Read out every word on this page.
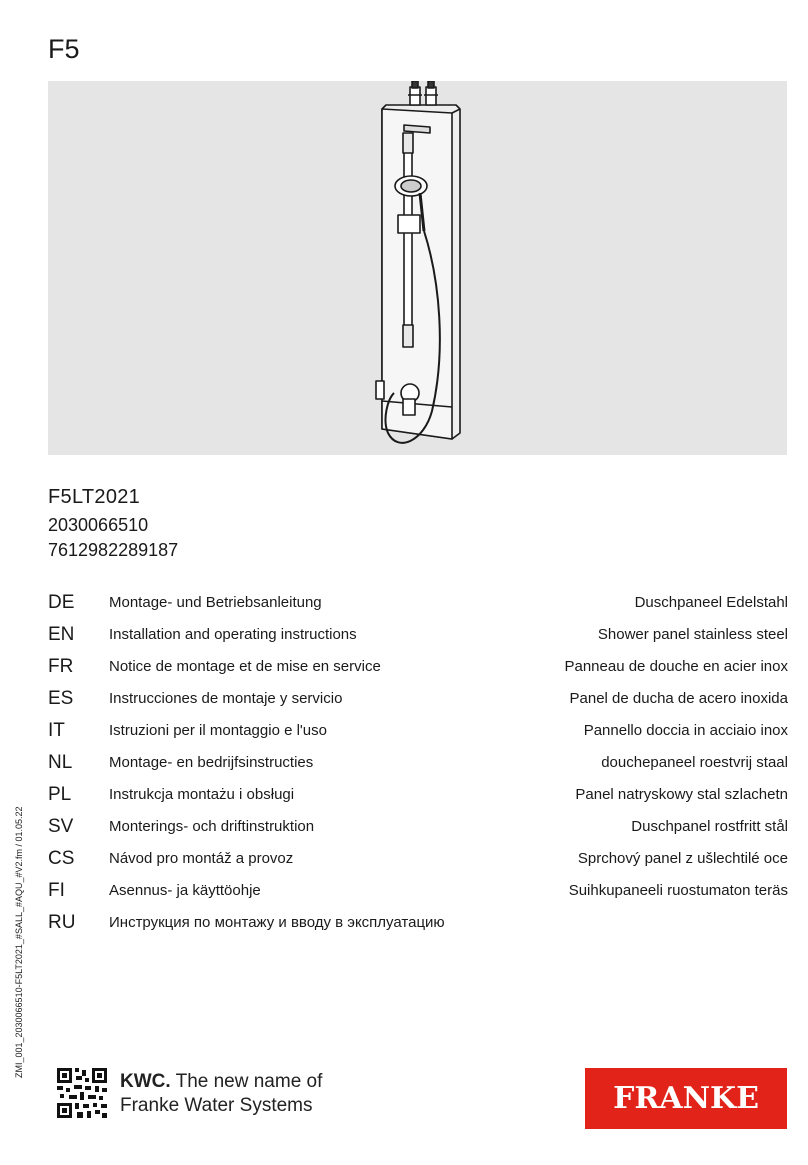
F5
F5LT2021
2030066510
7612982289187
DE Montage- und Betriebsanleitung	Duschpaneel Edelstahl
EN Installation and operating instructions	Shower panel stainless steel
FR Notice de montage et de mise en service	Panneau de douche en acier inox
ES Instrucciones de montaje y servicio	Panel de ducha de acero inoxida
IT	Istruzioni per il montaggio e l'uso	Pannello doccia in acciaio inox
NL Montage- en bedrijfsinstructies	douchepaneel roestvrij staal
PL	Instrukcja montażu i obsługi	Panel natryskowy stal szlachetn
SV Monterings- och driftinstruktion	Duschpanel rostfritt stål
CS Návod pro montáž a provoz	Sprchový panel z ušlechtilé oce
FI	Asennus- ja käyttöohje	Suihkupaneeli ruostumaton teräs
RU Инструкция по монтажу и вводу в эксплуатацию
ZMI_001_2030066510-F5LT2021_#SALL_#AQU_#V2.fm / 01.05.22
KWC. The new name of
Franke Water Systems	FRANKE
